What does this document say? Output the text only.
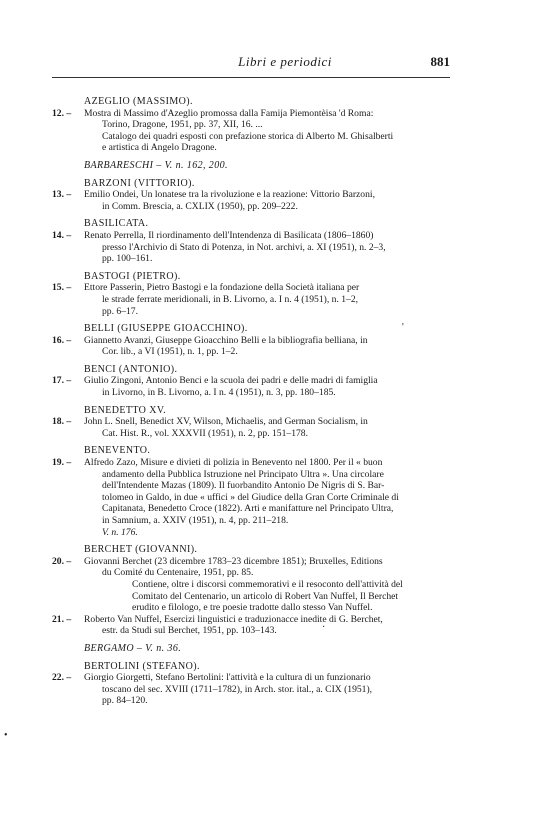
Libri e periodici	881
AZEGLIO (MASSIMO).
12. –	Mostra di Massimo d'Azeglio promossa dalla Famija Piemontèisa 'd Roma:
Torino, Dragone, 1951, pp. 37, XII, 16. ...
Catalogo dei quadri esposti con prefazione storica di Alberto M. Ghisalberti
e artistica di Angelo Dragone.
BARBARESCHI – V. n. 162, 200.
BARZONI (VITTORIO).
13. –	Emilio Ondei, Un lonatese tra la rivoluzione e la reazione: Vittorio Barzoni,
in Comm. Brescia, a. CXLIX (1950), pp. 209–222.
BASILICATA.
14. –	Renato Perrella, Il riordinamento dell'Intendenza di Basilicata (1806–1860)
presso l'Archivio di Stato di Potenza, in Not. archivi, a. XI (1951), n. 2–3,
pp. 100–161.
BASTOGI (PIETRO).
15. –	Ettore Passerin, Pietro Bastogi e la fondazione della Società italiana per
le strade ferrate meridionali, in B. Livorno, a. I n. 4 (1951), n. 1–2,
pp. 6–17.
BELLI (GIUSEPPE GIOACCHINO).
16. –	Giannetto Avanzi, Giuseppe Gioacchino Belli e la bibliografia belliana, in
Cor. lib., a VI (1951), n. 1, pp. 1–2.
BENCI (ANTONIO).
17. –	Giulio Zingoni, Antonio Benci e la scuola dei padri e delle madri di famiglia
in Livorno, in B. Livorno, a. I n. 4 (1951), n. 3, pp. 180–185.
BENEDETTO XV.
18. –	John L. Snell, Benedict XV, Wilson, Michaelis, and German Socialism, in
Cat. Hist. R., vol. XXXVII (1951), n. 2, pp. 151–178.
BENEVENTO.
19. –	Alfredo Zazo, Misure e divieti di polizia in Benevento nel 1800. Per il « buon
andamento della Pubblica Istruzione nel Principato Ultra ». Una circolare
dell'Intendente Mazas (1809). Il fuorbandito Antonio De Nigris di S. Bar-
tolomeo in Galdo, in due « uffici » del Giudice della Gran Corte Criminale di
Capitanata, Benedetto Croce (1822). Arti e manifatture nel Principato Ultra,
in Samnium, a. XXIV (1951), n. 4, pp. 211–218.
V. n. 176.
BERCHET (GIOVANNI).
20. –	Giovanni Berchet (23 dicembre 1783–23 dicembre 1851); Bruxelles, Editions
du Comité du Centenaire, 1951, pp. 85.
Contiene, oltre i discorsi commemorativi e il resoconto dell'attività del
Comitato del Centenario, un articolo di Robert Van Nuffel, Il Berchet
erudito e filologo, e tre poesie tradotte dallo stesso Van Nuffel.
21. –	Roberto Van Nuffel, Esercizi linguistici e traduzionacce inedite di G. Berchet,
estr. da Studi sul Berchet, 1951, pp. 103–143.
BERGAMO – V. n. 36.
BERTOLINI (STEFANO).
22. –	Giorgio Giorgetti, Stefano Bertolini: l'attività e la cultura di un funzionario
toscano del sec. XVIII (1711–1782), in Arch. stor. ital., a. CIX (1951),
pp. 84–120.
'
·
•
